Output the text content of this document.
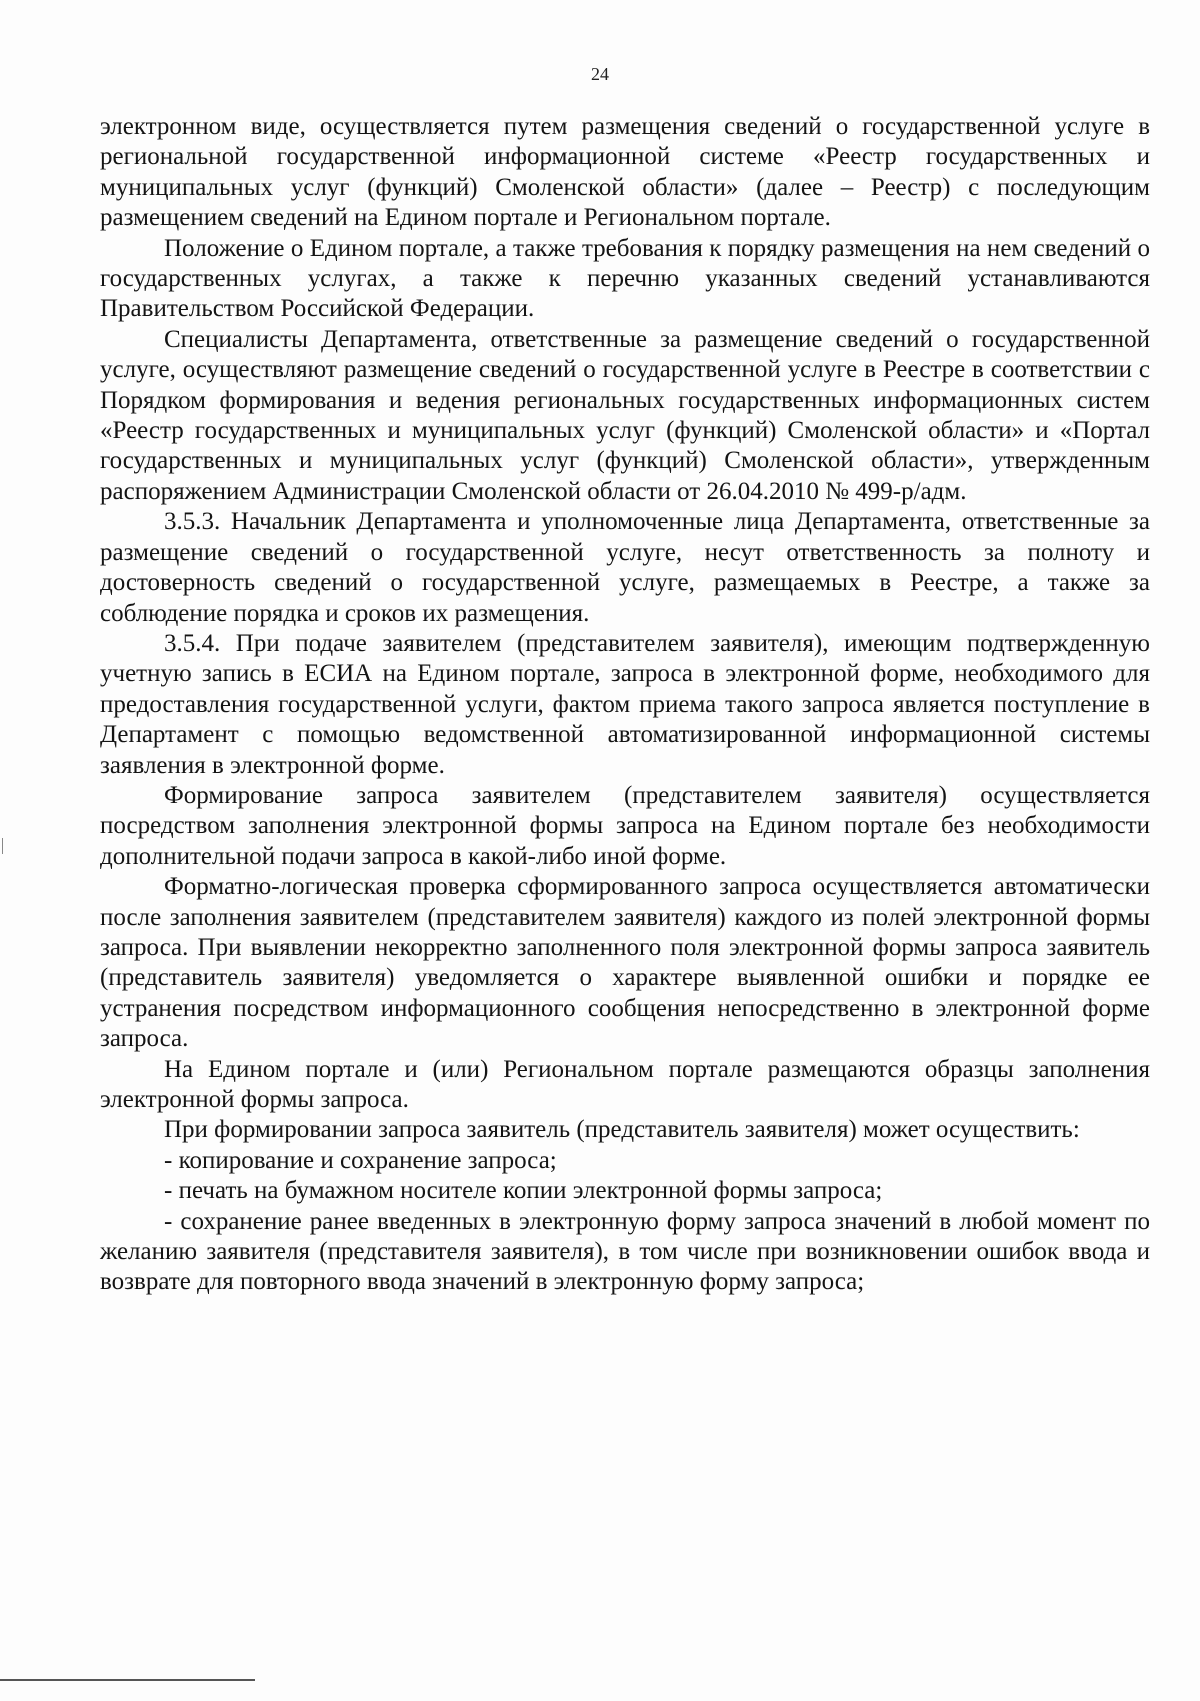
24

электронном виде, осуществляется путем размещения сведений о государственной услуге в региональной государственной информационной системе «Реестр государственных и муниципальных услуг (функций) Смоленской области» (далее – Реестр) с последующим размещением сведений на Едином портале и Региональном портале.

Положение о Едином портале, а также требования к порядку размещения на нем сведений о государственных услугах, а также к перечню указанных сведений устанавливаются Правительством Российской Федерации.

Специалисты Департамента, ответственные за размещение сведений о государственной услуге, осуществляют размещение сведений о государственной услуге в Реестре в соответствии с Порядком формирования и ведения региональных государственных информационных систем «Реестр государственных и муниципальных услуг (функций) Смоленской области» и «Портал государственных и муниципальных услуг (функций) Смоленской области», утвержденным распоряжением Администрации Смоленской области от 26.04.2010 № 499-р/адм.

3.5.3. Начальник Департамента и уполномоченные лица Департамента, ответственные за размещение сведений о государственной услуге, несут ответственность за полноту и достоверность сведений о государственной услуге, размещаемых в Реестре, а также за соблюдение порядка и сроков их размещения.

3.5.4. При подаче заявителем (представителем заявителя), имеющим подтвержденную учетную запись в ЕСИА на Едином портале, запроса в электронной форме, необходимого для предоставления государственной услуги, фактом приема такого запроса является поступление в Департамент с помощью ведомственной автоматизированной информационной системы заявления в электронной форме.

Формирование запроса заявителем (представителем заявителя) осуществляется посредством заполнения электронной формы запроса на Едином портале без необходимости дополнительной подачи запроса в какой-либо иной форме.

Форматно-логическая проверка сформированного запроса осуществляется автоматически после заполнения заявителем (представителем заявителя) каждого из полей электронной формы запроса. При выявлении некорректно заполненного поля электронной формы запроса заявитель (представитель заявителя) уведомляется о характере выявленной ошибки и порядке ее устранения посредством информационного сообщения непосредственно в электронной форме запроса.

На Едином портале и (или) Региональном портале размещаются образцы заполнения электронной формы запроса.

При формировании запроса заявитель (представитель заявителя) может осуществить:

- копирование и сохранение запроса;

- печать на бумажном носителе копии электронной формы запроса;

- сохранение ранее введенных в электронную форму запроса значений в любой момент по желанию заявителя (представителя заявителя), в том числе при возникновении ошибок ввода и возврате для повторного ввода значений в электронную форму запроса;
